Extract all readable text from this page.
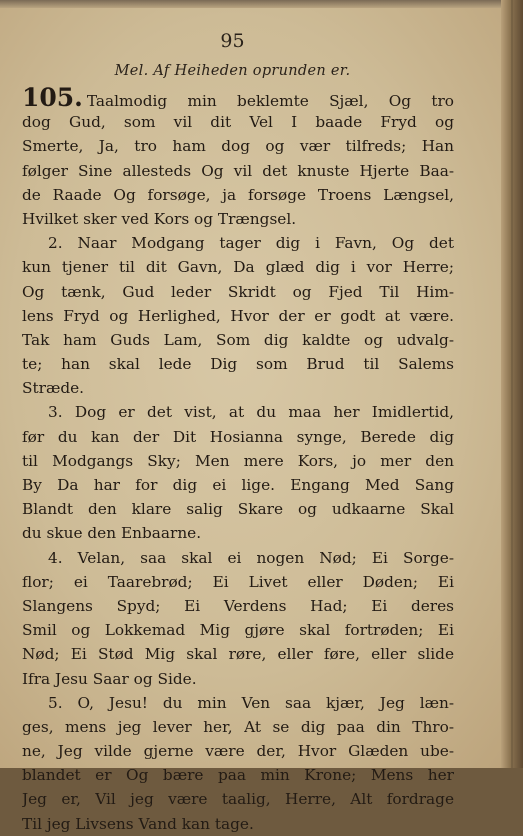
95
Mel. Af Heiheden oprunden er.
105. Taalmodig min beklemte Sjæl, Og tro
dog Gud, som vil dit Vel I baade Fryd og
Smerte, Ja, tro ham dog og vær tilfreds; Han
følger Sine allesteds Og vil det knuste Hjerte Baa-
de Raade Og forsøge, ja forsøge Troens Længsel,
Hvilket sker ved Kors og Trængsel.
2. Naar Modgang tager dig i Favn, Og det
kun tjener til dit Gavn, Da glæd dig i vor Herre;
Og tænk, Gud leder Skridt og Fjed Til Him-
lens Fryd og Herlighed, Hvor der er godt at være.
Tak ham Guds Lam, Som dig kaldte og udvalg-
te; han skal lede Dig som Brud til Salems
Stræde.
3. Dog er det vist, at du maa her Imidlertid,
før du kan der Dit Hosianna synge, Berede dig
til Modgangs Sky; Men mere Kors, jo mer den
By Da har for dig ei lige. Engang Med Sang
Blandt den klare salig Skare og udkaarne Skal
du skue den Enbaarne.
4. Velan, saa skal ei nogen Nød; Ei Sorge-
flor; ei Taarebrød; Ei Livet eller Døden; Ei
Slangens Spyd; Ei Verdens Had; Ei deres
Smil og Lokkemad Mig gjøre skal fortrøden; Ei
Nød; Ei Stød Mig skal røre, eller føre, eller slide
Ifra Jesu Saar og Side.
5. O, Jesu! du min Ven saa kjær, Jeg læn-
ges, mens jeg lever her, At se dig paa din Thro-
ne, Jeg vilde gjerne være der, Hvor Glæden ube-
blandet er Og bære paa min Krone; Mens her
Jeg er, Vil jeg være taalig, Herre, Alt fordrage
Til jeg Livsens Vand kan tage.
